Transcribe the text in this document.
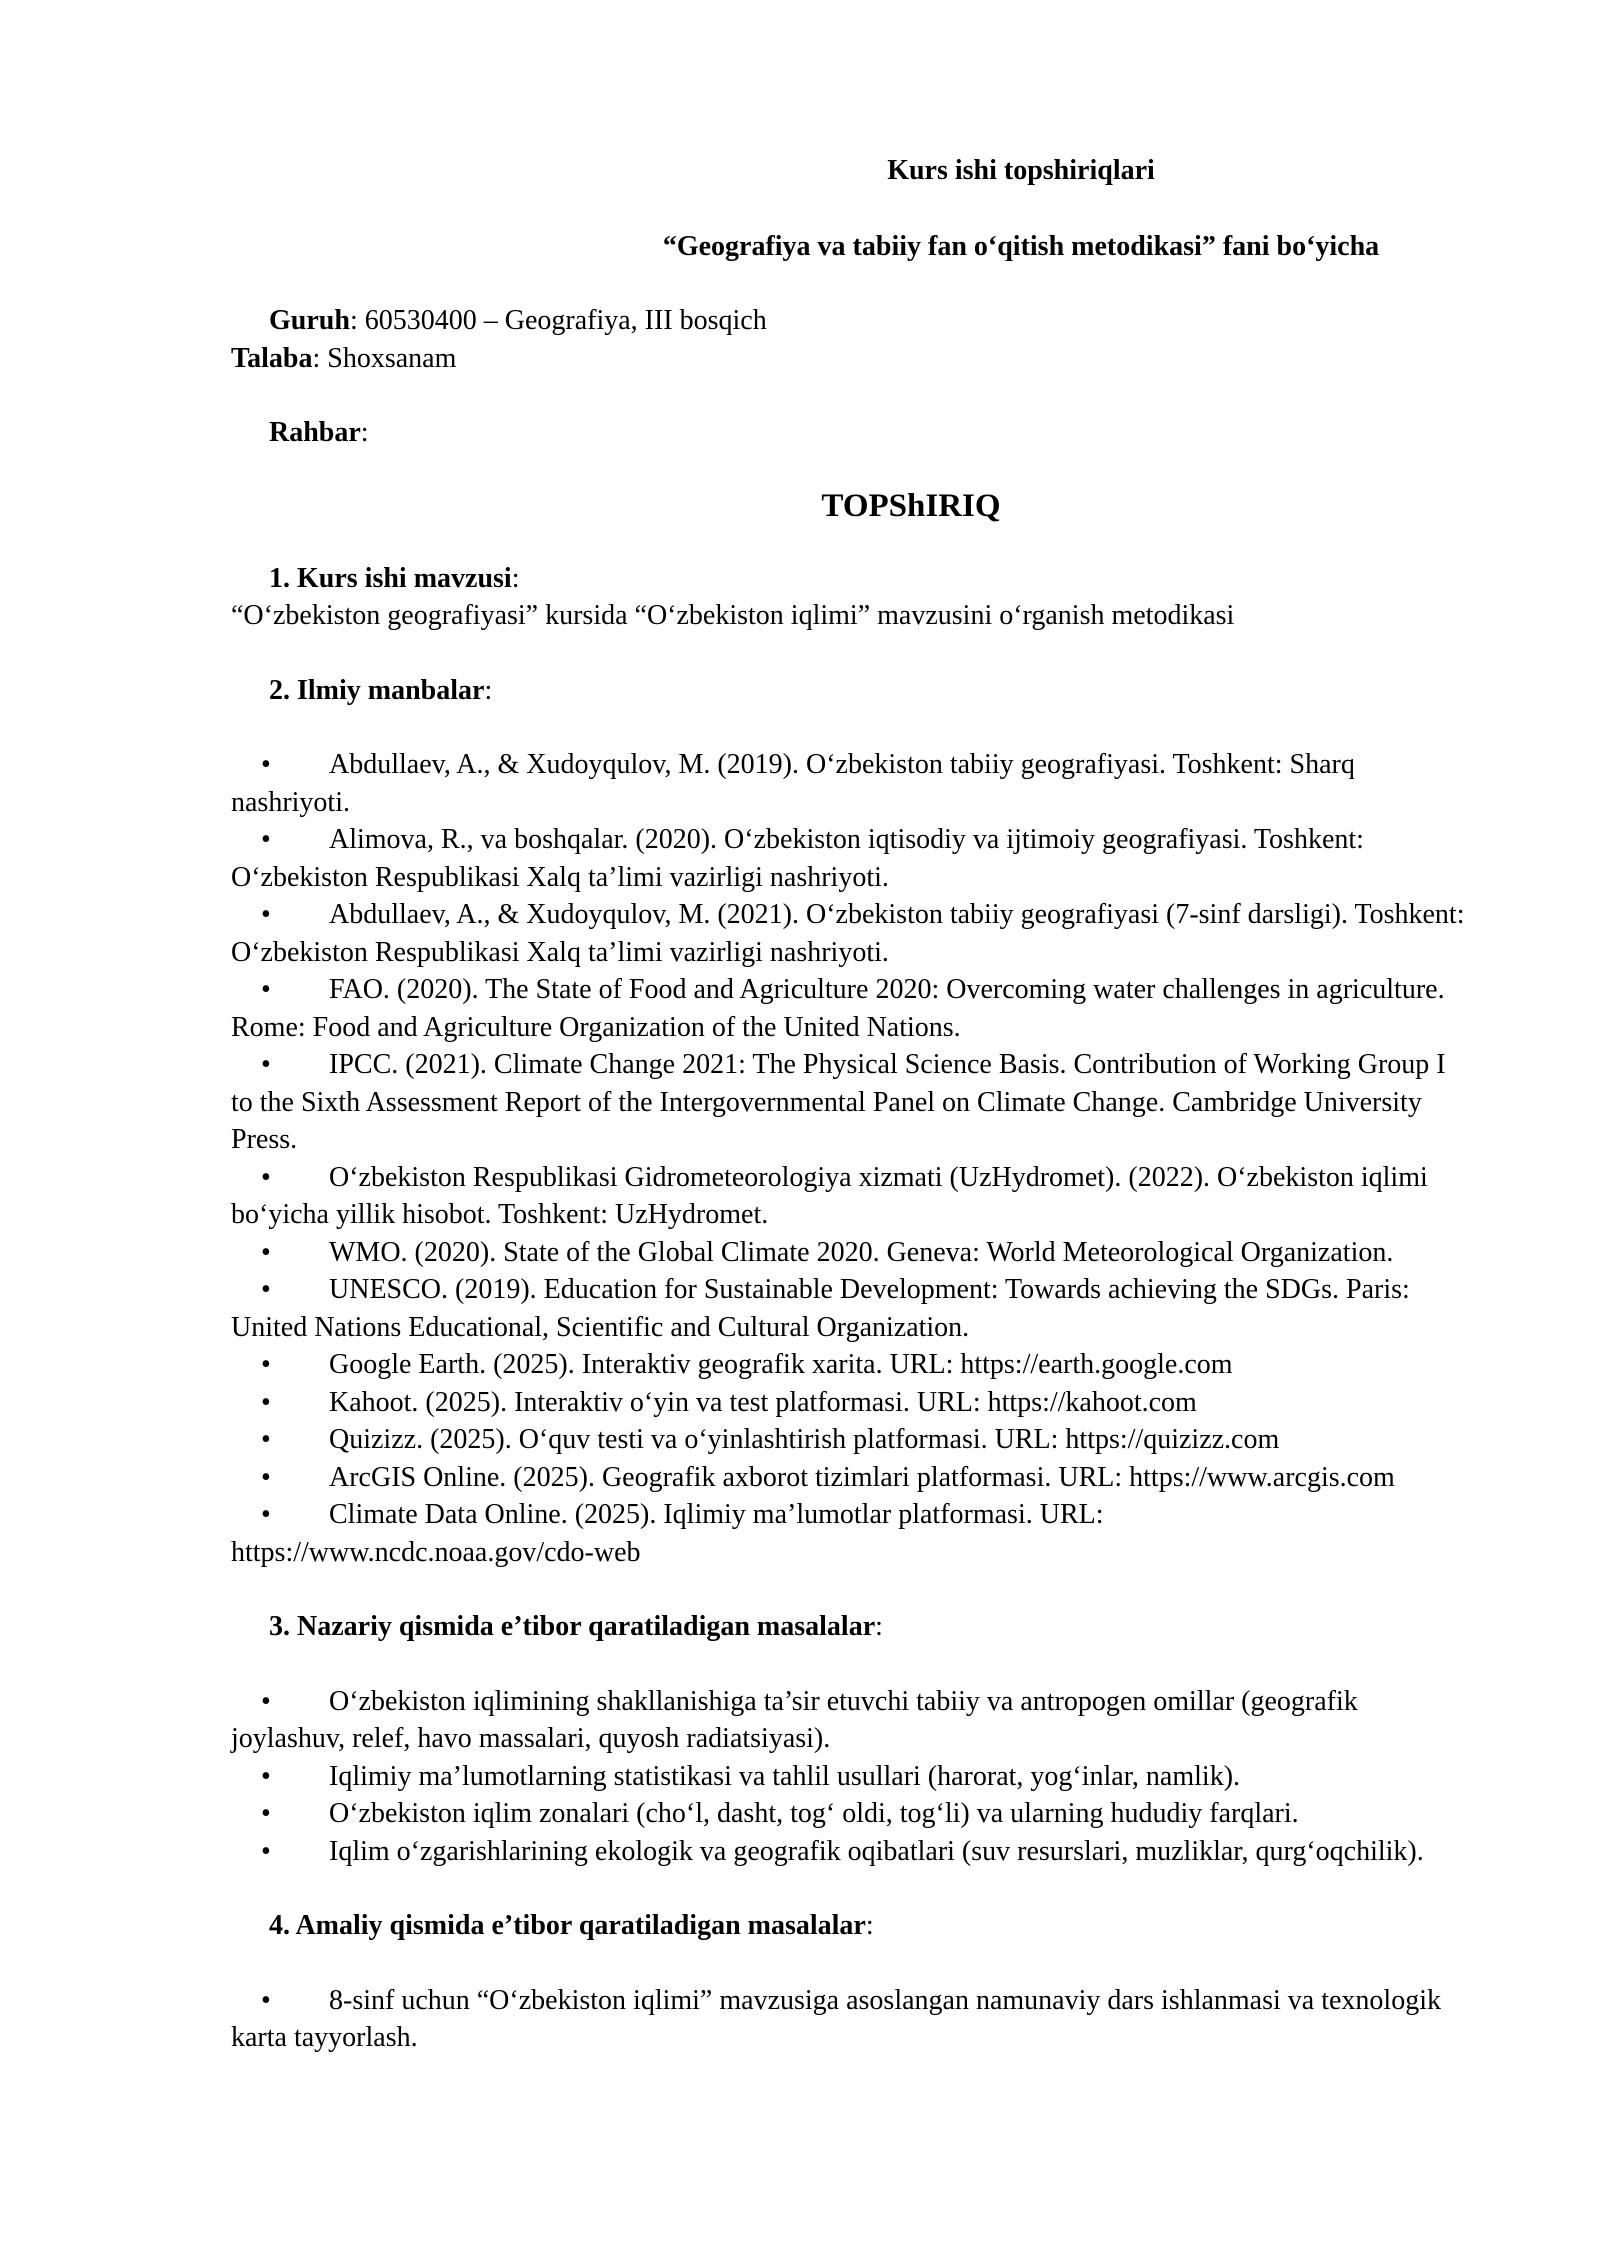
Kurs ishi topshiriqlari

“Geografiya va tabiiy fan o‘qitish metodikasi” fani bo‘yicha

Guruh: 60530400 – Geografiya, III bosqich

Talaba: Shoxsanam

Rahbar:

TOPShIRIQ

1. Kurs ishi mavzusi:

“O‘zbekiston geografiyasi” kursida “O‘zbekiston iqlimi” mavzusini o‘rganish metodikasi

2. Ilmiy manbalar:

• Abdullaev, A., & Xudoyqulov, M. (2019). O‘zbekiston tabiiy geografiyasi. Toshkent: Sharq nashriyoti.

• Alimova, R., va boshqalar. (2020). O‘zbekiston iqtisodiy va ijtimoiy geografiyasi. Toshkent: O‘zbekiston Respublikasi Xalq ta’limi vazirligi nashriyoti.

• Abdullaev, A., & Xudoyqulov, M. (2021). O‘zbekiston tabiiy geografiyasi (7-sinf darsligi). Toshkent: O‘zbekiston Respublikasi Xalq ta’limi vazirligi nashriyoti.

• FAO. (2020). The State of Food and Agriculture 2020: Overcoming water challenges in agriculture. Rome: Food and Agriculture Organization of the United Nations.

• IPCC. (2021). Climate Change 2021: The Physical Science Basis. Contribution of Working Group I to the Sixth Assessment Report of the Intergovernmental Panel on Climate Change. Cambridge University Press.

• O‘zbekiston Respublikasi Gidrometeorologiya xizmati (UzHydromet). (2022). O‘zbekiston iqlimi bo‘yicha yillik hisobot. Toshkent: UzHydromet.

• WMO. (2020). State of the Global Climate 2020. Geneva: World Meteorological Organization.

• UNESCO. (2019). Education for Sustainable Development: Towards achieving the SDGs. Paris: United Nations Educational, Scientific and Cultural Organization.

• Google Earth. (2025). Interaktiv geografik xarita. URL: https://earth.google.com

• Kahoot. (2025). Interaktiv o‘yin va test platformasi. URL: https://kahoot.com

• Quizizz. (2025). O‘quv testi va o‘yinlashtirish platformasi. URL: https://quizizz.com

• ArcGIS Online. (2025). Geografik axborot tizimlari platformasi. URL: https://www.arcgis.com

• Climate Data Online. (2025). Iqlimiy ma’lumotlar platformasi. URL: https://www.ncdc.noaa.gov/cdo-web

3. Nazariy qismida e’tibor qaratiladigan masalalar:

• O‘zbekiston iqlimining shakllanishiga ta’sir etuvchi tabiiy va antropogen omillar (geografik joylashuv, relef, havo massalari, quyosh radiatsiyasi).

• Iqlimiy ma’lumotlarning statistikasi va tahlil usullari (harorat, yog‘inlar, namlik).

• O‘zbekiston iqlim zonalari (cho‘l, dasht, tog‘ oldi, tog‘li) va ularning hududiy farqlari.

• Iqlim o‘zgarishlarining ekologik va geografik oqibatlari (suv resurslari, muzliklar, qurg‘oqchilik).

4. Amaliy qismida e’tibor qaratiladigan masalalar:

• 8-sinf uchun “O‘zbekiston iqlimi” mavzusiga asoslangan namunaviy dars ishlanmasi va texnologik karta tayyorlash.
